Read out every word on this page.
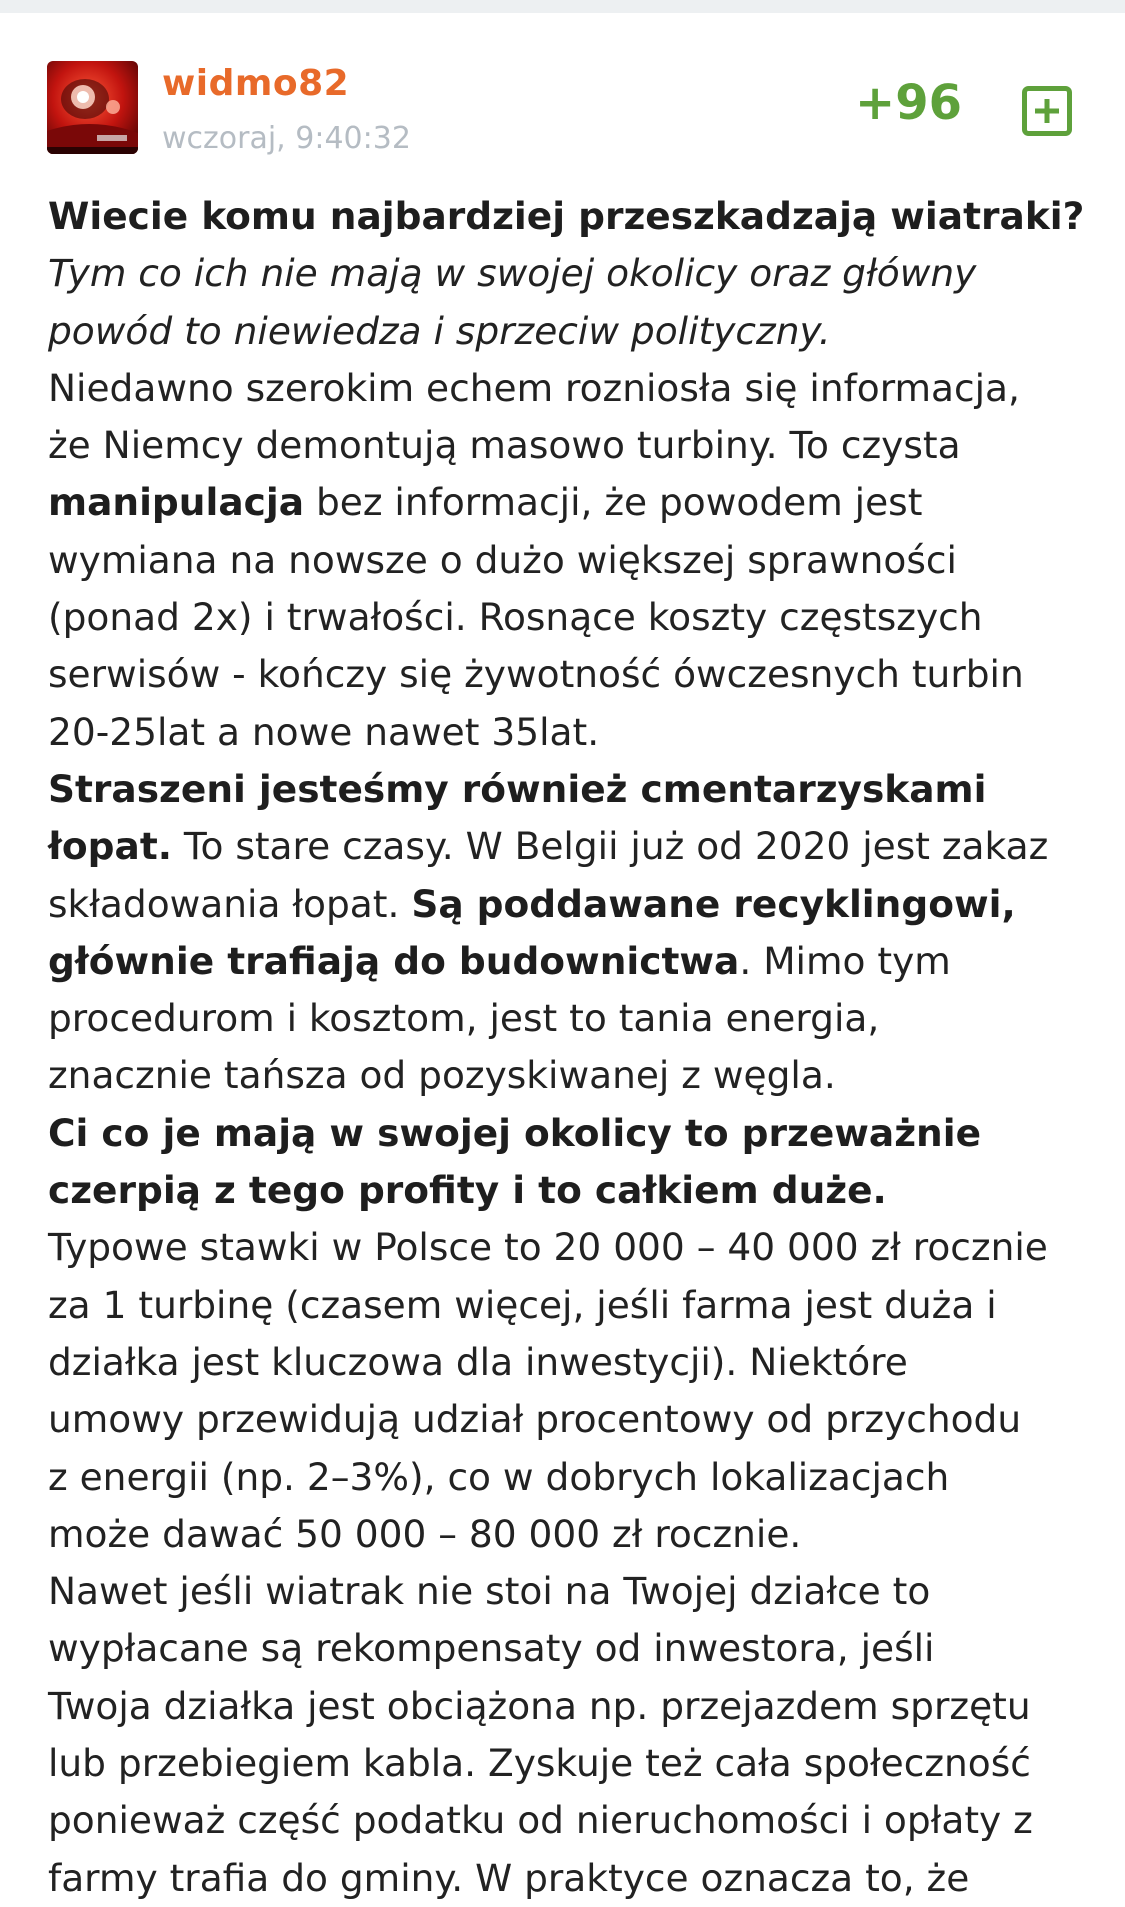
widmo82
wczoraj, 9:40:32
+96

Wiecie komu najbardziej przeszkadzają wiatraki?

Tym co ich nie mają w swojej okolicy oraz główny

powód to niewiedza i sprzeciw polityczny.

Niedawno szerokim echem rozniosła się informacja,

że Niemcy demontują masowo turbiny. To czysta

manipulacja bez informacji, że powodem jest

wymiana na nowsze o dużo większej sprawności

(ponad 2x) i trwałości. Rosnące koszty częstszych

serwisów - kończy się żywotność ówczesnych turbin

20-25lat a nowe nawet 35lat.

Straszeni jesteśmy również cmentarzyskami

łopat. To stare czasy. W Belgii już od 2020 jest zakaz

składowania łopat. Są poddawane recyklingowi,

głównie trafiają do budownictwa. Mimo tym

procedurom i kosztom, jest to tania energia,

znacznie tańsza od pozyskiwanej z węgla.

Ci co je mają w swojej okolicy to przeważnie

czerpią z tego profity i to całkiem duże.

Typowe stawki w Polsce to 20 000 – 40 000 zł rocznie

za 1 turbinę (czasem więcej, jeśli farma jest duża i

działka jest kluczowa dla inwestycji). Niektóre

umowy przewidują udział procentowy od przychodu

z energii (np. 2–3%), co w dobrych lokalizacjach

może dawać 50 000 – 80 000 zł rocznie.

Nawet jeśli wiatrak nie stoi na Twojej działce to

wypłacane są rekompensaty od inwestora, jeśli

Twoja działka jest obciążona np. przejazdem sprzętu

lub przebiegiem kabla. Zyskuje też cała społeczność

ponieważ część podatku od nieruchomości i opłaty z

farmy trafia do gminy. W praktyce oznacza to, że
